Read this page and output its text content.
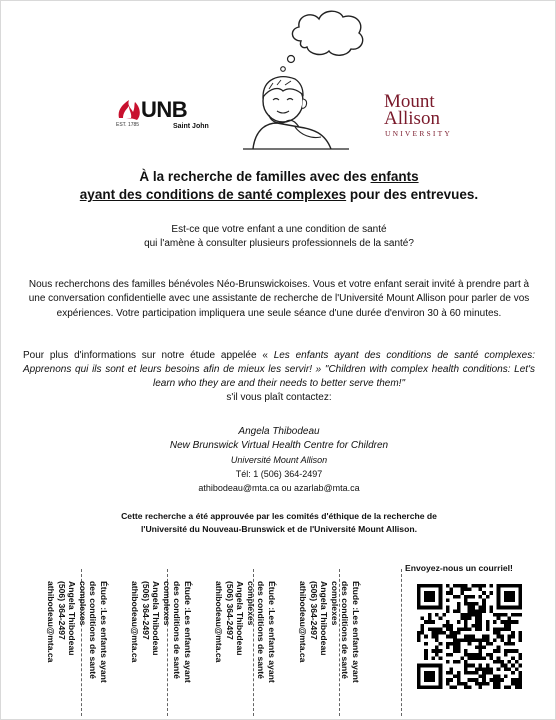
UNB
EST. 1785	Saint John
Mount
Allison
UNIVERSITY
À la recherche de familles avec des enfants
ayant des conditions de santé complexes pour des entrevues.
Est-ce que votre enfant a une condition de santé
qui l'amène à consulter plusieurs professionnels de la santé?
Nous recherchons des familles bénévoles Néo-Brunswickoises. Vous et votre enfant serait invité à prendre part à une conversation confidentielle avec une assistante de recherche de l'Université Mount Allison pour parler de vos expériences. Votre participation impliquera une seule séance d'une durée d'environ 30 à 60 minutes.
Pour plus d'informations sur notre étude appelée « Les enfants ayant des conditions de santé complexes: Apprenons qui ils sont et leurs besoins afin de mieux les servir! » "Children with complex health conditions: Let's learn who they are and their needs to better serve them!"
s'il vous plaît contactez:
Angela Thibodeau
New Brunswick Virtual Health Centre for Children
Université Mount Allison
Tél: 1 (506) 364-2497
athibodeau@mta.ca ou azarlab@mta.ca
Cette recherche a été approuvée par les comités d'éthique de la recherche de
l'Université du Nouveau-Brunswick et de l'Université Mount Allison.
Étude :Les enfants ayant
des conditions de santé
complexes
Angela Thibodeau
(506) 364-2497
athibodeau@mta.ca	Étude :Les enfants ayant
des conditions de santé
complexes
Angela Thibodeau
(506) 364-2497
athibodeau@mta.ca	Étude :Les enfants ayant
des conditions de santé
complexes
Angela Thibodeau
(506) 364-2497
athibodeau@mta.ca	Étude :Les enfants ayant
des conditions de santé
complexes
Angela Thibodeau
(506) 364-2497
athibodeau@mta.ca
Envoyez-nous un courriel!
